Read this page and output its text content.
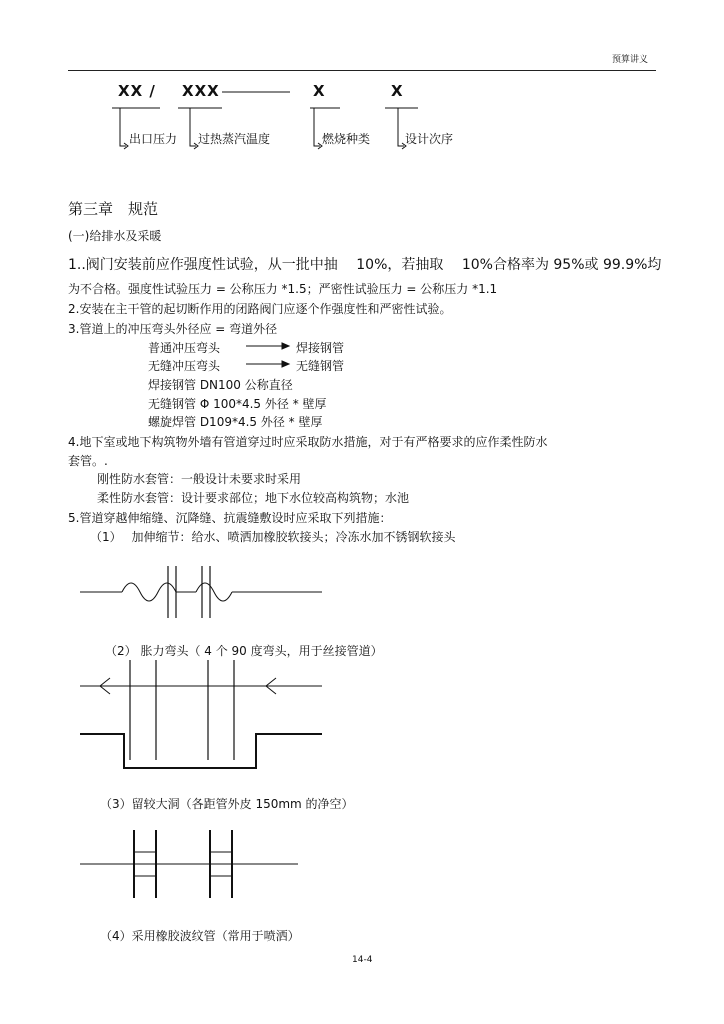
预算讲义
XX / XXX	X	X
出口压力 过热蒸汽温度	燃烧种类	设计次序
第三章　规范
(一)给排水及采暖
1..阀门安装前应作强度性试验，从一批中抽　 10%，若抽取　 10%合格率为 95%或 99.9%均
为不合格。强度性试验压力 = 公称压力 *1.5；严密性试验压力 = 公称压力 *1.1
2.安装在主干管的起切断作用的闭路阀门应逐个作强度性和严密性试验。
3.管道上的冲压弯头外径应 = 弯道外径
普通冲压弯头	焊接钢管
无缝冲压弯头	无缝钢管
焊接钢管 DN100 公称直径
无缝钢管 Φ 100*4.5 外径 * 壁厚
螺旋焊管 D109*4.5 外径 * 壁厚
4.地下室或地下构筑物外墙有管道穿过时应采取防水措施，对于有严格要求的应作柔性防水
套管。.
刚性防水套管：一般设计未要求时采用
柔性防水套管：设计要求部位；地下水位较高构筑物；水池
5.管道穿越伸缩缝、沉降缝、抗震缝敷设时应采取下列措施：
（1）　 加伸缩节：给水、喷洒加橡胶软接头；冷冻水加不锈钢软接头
（2） 胀力弯头（ 4 个 90 度弯头，用于丝接管道）
（3）留较大洞（各距管外皮 150mm 的净空）
（4）采用橡胶波纹管（常用于喷洒）
14-4
